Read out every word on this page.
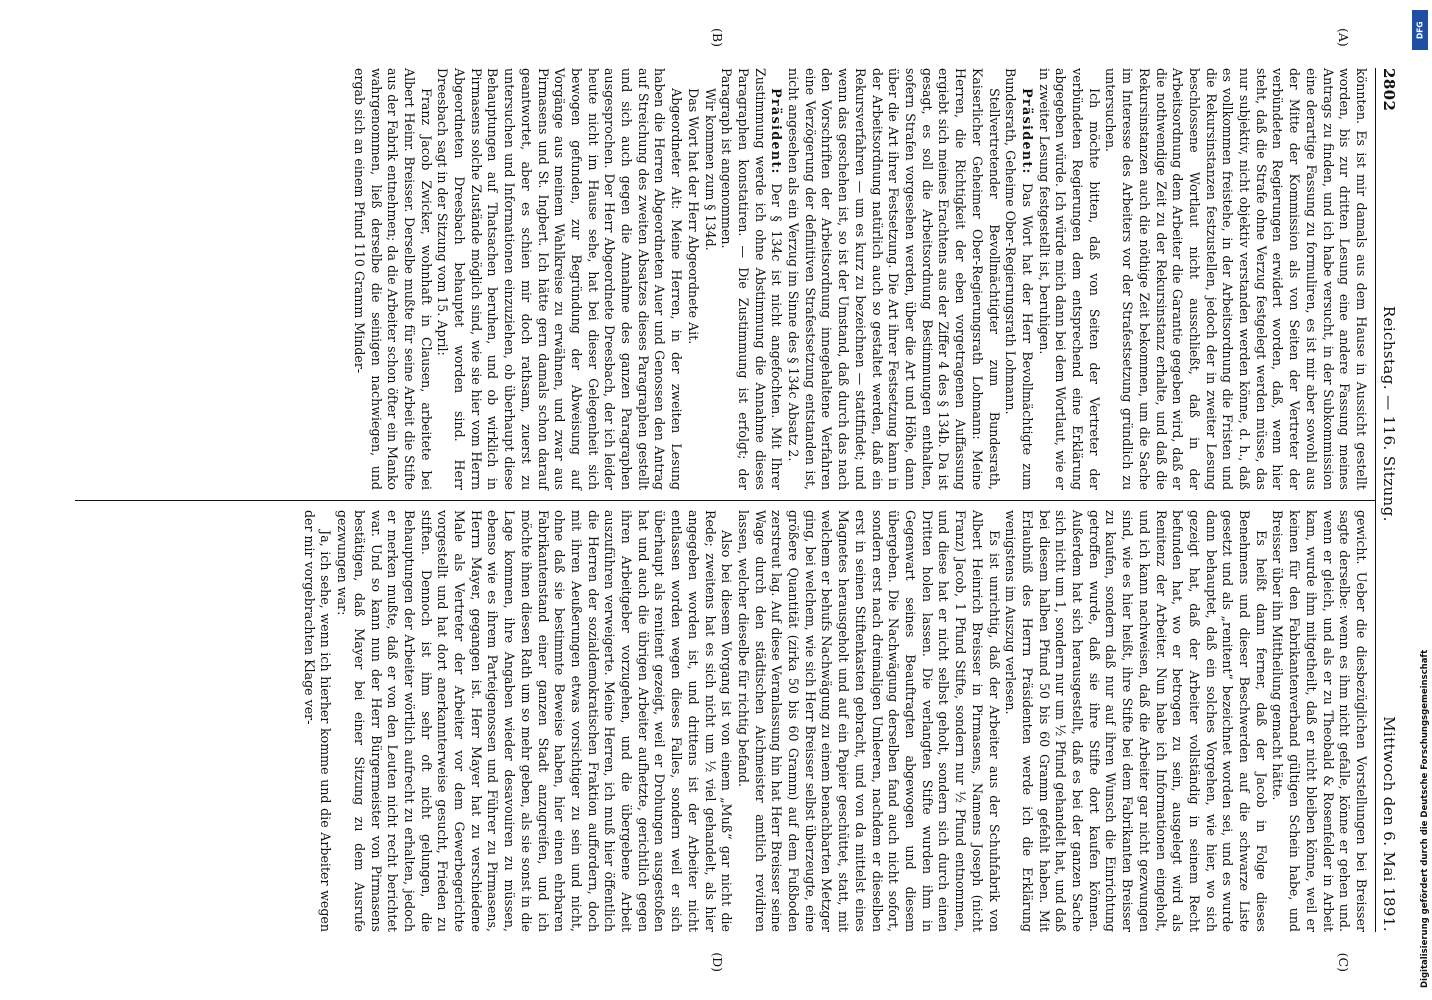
2802
Reichstag. — 116. Sitzung.
Mittwoch den 6. Mai 1891.
(A)
(B)
(C)
(D)

könnten. Es ist mir damals aus dem Hause in Aussicht gestellt worden, bis zur dritten Lesung eine andere Fassung meines Antrags zu finden, und ich habe versucht, in der Subkommission eine derartige Fassung zu formuliren, es ist mir aber sowohl aus der Mitte der Kommission als von Seiten der Vertreter der verbündeten Regierungen erwidert worden, daß, wenn hier steht, daß die Strafe ohne Verzug festgelegt werden müsse, das nur subjektiv, nicht objektiv verstanden werden könne, d. h., daß es vollkommen freistehe, in der Arbeitsordnung die Fristen und die Rekursinstanzen festzustellen, jedoch der in zweiter Lesung beschlossene Wortlaut nicht ausschließt, daß in der Arbeitsordnung dem Arbeiter die Garantie gegeben wird, daß er die nothwendige Zeit zu der Rekursinstanz erhalte, und daß die Rekursinstanzen auch die nöthige Zeit bekommen, um die Sache im Interesse des Arbeiters vor der Strafestsetzung gründlich zu untersuchen.

Ich möchte bitten, daß von Seiten der Vertreter der verbündeten Regierungen dem entsprechend eine Erklärung abgegeben würde. Ich würde mich dann bei dem Wortlaut, wie er in zweiter Lesung festgestellt ist, beruhigen.

Präsident: Das Wort hat der Herr Bevollmächtigte zum Bundesrath, Geheime Ober-Regierungsrath Lohmann.

Stellvertretender Bevollmächtigter zum Bundesrath, Kaiserlicher Geheimer Ober-Regierungsrath Lohmann: Meine Herren, die Richtigkeit der eben vorgetragenen Auffassung ergiebt sich meines Erachtens aus der Ziffer 4 des § 134b. Da ist gesagt, es soll die Arbeitsordnung Bestimmungen enthalten, sofern Strafen vorgesehen werden, über die Art und Höhe, dann über die Art ihrer Festsetzung. Die Art ihrer Festsetzung kann in der Arbeitsordnung natürlich auch so gestaltet werden, daß ein Rekursverfahren — um es kurz zu bezeichnen — stattfindet; und wenn das geschehen ist, so ist der Umstand, daß durch das nach den Vorschriften der Arbeitsordnung innegehaltene Verfahren eine Verzögerung der definitiven Strafestsetzung entstanden ist, nicht angesehen als ein Verzug im Sinne des § 134c Absatz 2.

Präsident: Der § 134c ist nicht angefochten. Mit Ihrer Zustimmung werde ich ohne Abstimmung die Annahme dieses Paragraphen konstatiren. — Die Zustimmung ist erfolgt; der Paragraph ist angenommen.

Wir kommen zum § 134d.

Das Wort hat der Herr Abgeordnete Ait.

Abgeordneter Ait: Meine Herren, in der zweiten Lesung haben die Herren Abgeordneten Auer und Genossen den Antrag auf Streichung des zweiten Absatzes dieses Paragraphen gestellt und sich auch gegen die Annahme des ganzen Paragraphen ausgesprochen. Der Herr Abgeordnete Dreesbach, der ich leider heute nicht im Hause sehe, hat bei dieser Gelegenheit sich bewogen gefunden, zur Begründung der Abweisung auf Vorgänge aus meinem Wahlkreise zu erwähnen, und zwar aus Pirmasens und St. Ingbert. Ich hätte gern damals schon darauf geantwortet, aber es schien mir doch rathsam, zuerst zu untersuchen und Informationen einzuziehen, ob überhaupt diese Behauptungen auf Thatsachen beruhen, und ob wirklich in Pirmasens solche Zustände möglich sind, wie sie hier vom Herrn Abgeordneten Dreesbach behauptet worden sind. Herr Dreesbach sagt in der Sitzung vom 15. April:

Franz Jacob Zwicker, wohnhaft in Clausen, arbeitete bei Albert Heinr. Breisser. Derselbe mußte für seine Arbeit die Stifte aus der Fabrik entnehmen; da die Arbeiter schon öfter ein Manko wahrgenommen, ließ derselbe die seinigen nachwiegen, und ergab sich an einem Pfund 110 Gramm Minder-

gewicht. Ueber die diesbezüglichen Vorstellungen bei Breisser sagte derselbe: wenn es ihm nicht gefalle, könne er gehen und. wenn er gleich, und als er zu Theobald & Rosenfelder in Arbeit kam, wurde ihm mitgetheilt, daß er nicht bleiben könne, weil er keinen für den Fabrikantenverband gültigen Schein habe, und Breisser über ihn Mittheilung gemacht hätte.

Es heißt dann ferner, daß der Jacob in Folge dieses Benehmens und dieser Beschwerden auf die schwarze Liste gesetzt und als „renitent“ bezeichnet worden sei, und es wurde dann behauptet, daß ein solches Vorgehen, wie hier, wo sich gezeigt hat, daß der Arbeiter vollständig in seinem Recht befunden hat, wo er betrogen zu sein, ausgelegt wird als Renitenz der Arbeiter. Nun habe ich Informationen eingeholt, und ich kann nachweisen, daß die Arbeiter gar nicht gezwungen sind, wie es hier heißt, ihre Stifte bei dem Fabrikanten Breisser zu kaufen, sondern daß nur auf ihren Wunsch die Einrichtung getroffen wurde, daß sie ihre Stifte dort kaufen können. Außerdem hat sich herausgestellt, daß es bei der ganzen Sache sich nicht um 1, sondern nur um ½ Pfund gehandelt hat, und daß bei diesem halben Pfund 50 bis 60 Gramm gefehlt haben. Mit Erlaubniß des Herrn Präsidenten werde ich die Erklärung wenigstens im Auszug verlesen.

Es ist unrichtig, daß der Arbeiter aus der Schuhfabrik von Albert Heinrich Breisser in Pirmasens, Namens Joseph (nicht Franz) Jacob, 1 Pfund Stifte, sondern nur ½ Pfund entnommen, und diese hat er nicht selbst geholt, sondern sich durch einen Dritten holen lassen. Die verlangten Stifte wurden ihm in Gegenwart seines Beauftragten abgewogen und diesem übergeben. Die Nachwägung derselben fand auch nicht sofort, sondern erst nach dreimaligen Umleeren, nachdem er dieselben erst in seinen Stiftenkasten gebracht, und von da mittelst eines Magnetes herausgeholt und auf ein Papier geschüttet, statt, mit welchem er behufs Nachwägung zu einem benachbarten Metzger ging, bei welchem, wie sich Herr Breisser selbst überzeugte, eine größere Quantität (zirka 50 bis 60 Gramm) auf dem Fußboden zerstreut lag. Auf diese Veranlassung hin hat Herr Breisser seine Wage durch den städtischen Aichmeister amtlich revidiren lassen, welcher dieselbe für richtig befand.

Also bei diesem Vorgang ist von einem „Muß“ gar nicht die Rede; zweitens hat es sich nicht um ½ viel gehandelt, als hier angegeben worden ist, und drittens ist der Arbeiter nicht entlassen worden wegen dieses Falles, sondern weil er sich überhaupt als renitent gezeigt, weil er Drohungen ausgestoßen hat und auch die übrigen Arbeiter aufhetzte, gerichtlich gegen ihren Arbeitgeber vorzugehen, und die übergebene Arbeit auszuführen verweigerte. Meine Herren, ich muß hier öffentlich die Herren der sozialdemokratischen Fraktion auffordern, doch mit ihren Aeußerungen etwas vorsichtiger zu sein und nicht, ohne daß sie bestimmte Beweise haben, hier einen ehrbaren Fabrikantenstand einer ganzen Stadt anzugreifen, und ich möchte ihnen diesen Rath um so mehr geben, als sie sonst in die Lage kommen, ihre Angaben wieder desavouiren zu müssen, ebenso wie es ihrem Parteigenossen und Führer zu Pirmasens, Herrn Mayer, gegangen ist. Herr Mayer hat zu verschiedene Male als Vertreter der Arbeiter vor dem Gewerbegerichte vorgestellt und hat dort anerkannterweise gesucht, Frieden zu stiften. Dennoch ist ihm sehr oft nicht gelungen, die Behauptungen der Arbeiter wörtlich aufrecht zu erhalten, jedoch er merken mußte, daß er von den Leuten nicht recht berichtet war. Und so kann nun der Herr Bürgermeister von Pirmasens bestätigen, daß Mayer bei einer Sitzung zu dem Ausrufe gezwungen war:

Ja, ich sehe, wenn ich hierher komme und die Arbeiter wegen der mir vorgebrachten Klage ver-

DFG
Digitalisierung gefördert durch die Deutsche Forschungsgemeinschaft
